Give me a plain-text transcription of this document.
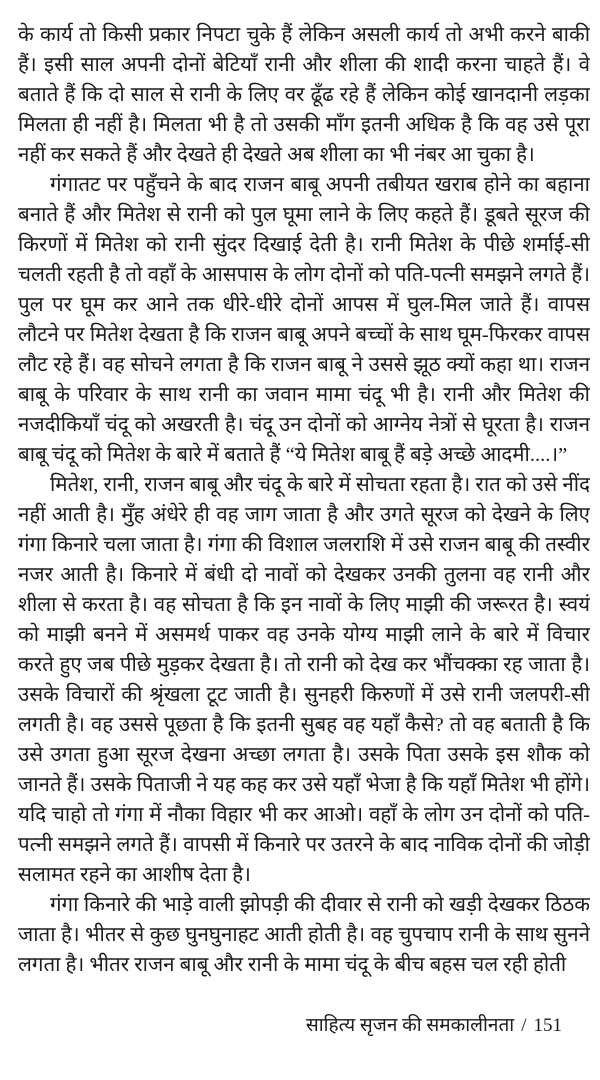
के कार्य तो किसी प्रकार निपटा चुके हैं लेकिन असली कार्य तो अभी करने बाकी हैं। इसी साल अपनी दोनों बेटियाँ रानी और शीला की शादी करना चाहते हैं। वे बताते हैं कि दो साल से रानी के लिए वर ढूँढ रहे हैं लेकिन कोई खानदानी लड़का मिलता ही नहीं है। मिलता भी है तो उसकी माँग इतनी अधिक है कि वह उसे पूरा नहीं कर सकते हैं और देखते ही देखते अब शीला का भी नंबर आ चुका है।

गंगातट पर पहुँचने के बाद राजन बाबू अपनी तबीयत खराब होने का बहाना बनाते हैं और मितेश से रानी को पुल घूमा लाने के लिए कहते हैं। डूबते सूरज की किरणों में मितेश को रानी सुंदर दिखाई देती है। रानी मितेश के पीछे शर्माई-सी चलती रहती है तो वहाँ के आसपास के लोग दोनों को पति-पत्नी समझने लगते हैं। पुल पर घूम कर आने तक धीरे-धीरे दोनों आपस में घुल-मिल जाते हैं। वापस लौटने पर मितेश देखता है कि राजन बाबू अपने बच्चों के साथ घूम-फिरकर वापस लौट रहे हैं। वह सोचने लगता है कि राजन बाबू ने उससे झूठ क्यों कहा था। राजन बाबू के परिवार के साथ रानी का जवान मामा चंदू भी है। रानी और मितेश की नजदीकियाँ चंदू को अखरती है। चंदू उन दोनों को आग्नेय नेत्रों से घूरता है। राजन बाबू चंदू को मितेश के बारे में बताते हैं “ये मितेश बाबू हैं बड़े अच्छे आदमी....।”

मितेश, रानी, राजन बाबू और चंदू के बारे में सोचता रहता है। रात को उसे नींद नहीं आती है। मुँह अंधेरे ही वह जाग जाता है और उगते सूरज को देखने के लिए गंगा किनारे चला जाता है। गंगा की विशाल जलराशि में उसे राजन बाबू की तस्वीर नजर आती है। किनारे में बंधी दो नावों को देखकर उनकी तुलना वह रानी और शीला से करता है। वह सोचता है कि इन नावों के लिए माझी की जरूरत है। स्वयं को माझी बनने में असमर्थ पाकर वह उनके योग्य माझी लाने के बारे में विचार करते हुए जब पीछे मुड़कर देखता है। तो रानी को देख कर भौंचक्का रह जाता है। उसके विचारों की श्रृंखला टूट जाती है। सुनहरी किरुणों में उसे रानी जलपरी-सी लगती है। वह उससे पूछता है कि इतनी सुबह वह यहाँ कैसे? तो वह बताती है कि उसे उगता हुआ सूरज देखना अच्छा लगता है। उसके पिता उसके इस शौक को जानते हैं। उसके पिताजी ने यह कह कर उसे यहाँ भेजा है कि यहाँ मितेश भी होंगे। यदि चाहो तो गंगा में नौका विहार भी कर आओ। वहाँ के लोग उन दोनों को पति-पत्नी समझने लगते हैं। वापसी में किनारे पर उतरने के बाद नाविक दोनों की जोड़ी सलामत रहने का आशीष देता है।

गंगा किनारे की भाड़े वाली झोपड़ी की दीवार से रानी को खड़ी देखकर ठिठक जाता है। भीतर से कुछ घुनघुनाहट आती होती है। वह चुपचाप रानी के साथ सुनने लगता है। भीतर राजन बाबू और रानी के मामा चंदू के बीच बहस चल रही होती

साहित्य सृजन की समकालीनता / 151
